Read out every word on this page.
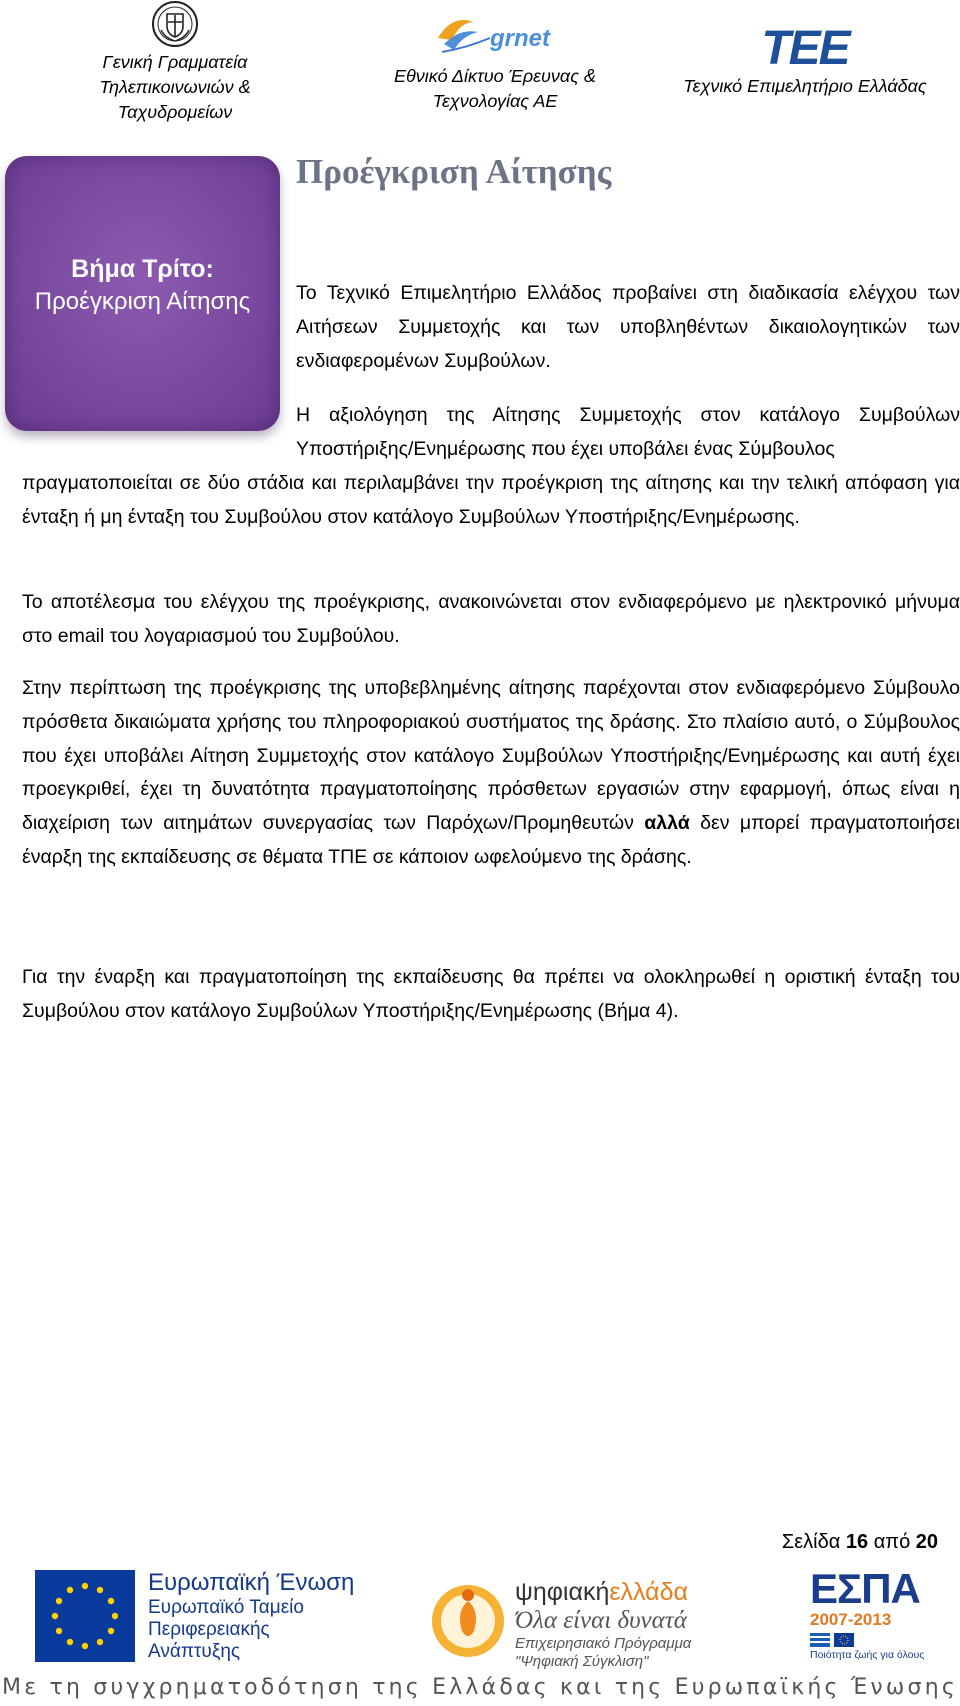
Γενική Γραμματεία
Τηλεπικοινωνιών &
Ταχυδρομείων
grnet
Εθνικό Δίκτυο Έρευνας &
Τεχνολογίας ΑΕ
TEE
Τεχνικό Επιμελητήριο Ελλάδας
Βήμα Τρίτο:
Προέγκριση Αίτησης
Προέγκριση Αίτησης

Το Τεχνικό Επιμελητήριο Ελλάδος προβαίνει στη διαδικασία ελέγχου των Αιτήσεων Συμμετοχής και των υποβληθέντων δικαιολογητικών των ενδιαφερομένων Συμβούλων.

Η αξιολόγηση της Αίτησης Συμμετοχής στον κατάλογο Συμβούλων Υποστήριξης/Ενημέρωσης που έχει υποβάλει ένας Σύμβουλος

πραγματοποιείται σε δύο στάδια και περιλαμβάνει την προέγκριση της αίτησης και την τελική απόφαση για ένταξη ή μη ένταξη του Συμβούλου στον κατάλογο Συμβούλων Υποστήριξης/Ενημέρωσης.

Το αποτέλεσμα του ελέγχου της προέγκρισης, ανακοινώνεται στον ενδιαφερόμενο με ηλεκτρονικό μήνυμα στο email του λογαριασμού του Συμβούλου.

Στην περίπτωση της προέγκρισης της υποβεβλημένης αίτησης παρέχονται στον ενδιαφερόμενο Σύμβουλο πρόσθετα δικαιώματα χρήσης του πληροφοριακού συστήματος της δράσης. Στο πλαίσιο αυτό, ο Σύμβουλος που έχει υποβάλει Αίτηση Συμμετοχής στον κατάλογο Συμβούλων Υποστήριξης/Ενημέρωσης και αυτή έχει προεγκριθεί, έχει τη δυνατότητα πραγματοποίησης πρόσθετων εργασιών στην εφαρμογή, όπως είναι η διαχείριση των αιτημάτων συνεργασίας των Παρόχων/Προμηθευτών αλλά δεν μπορεί πραγματοποιήσει έναρξη της εκπαίδευσης σε θέματα ΤΠΕ σε κάποιον ωφελούμενο της δράσης.

Για την έναρξη και πραγματοποίηση της εκπαίδευσης θα πρέπει να ολοκληρωθεί η οριστική ένταξη του Συμβούλου στον κατάλογο Συμβούλων Υποστήριξης/Ενημέρωσης (Βήμα 4).

Σελίδα 16 από 20
Ευρωπαϊκή Ένωση
Ευρωπαϊκό Ταμείο
Περιφερειακής
Ανάπτυξης
ψηφιακήελλάδα
Όλα είναι δυνατά
Επιχειρησιακό Πρόγραμμα
"Ψηφιακή Σύγκλιση"
ΕΣΠΑ
2007-2013
Ποιότητα ζωής για όλους
Με τη συγχρηματοδότηση της Ελλάδας και της Ευρωπαϊκής Ένωσης
